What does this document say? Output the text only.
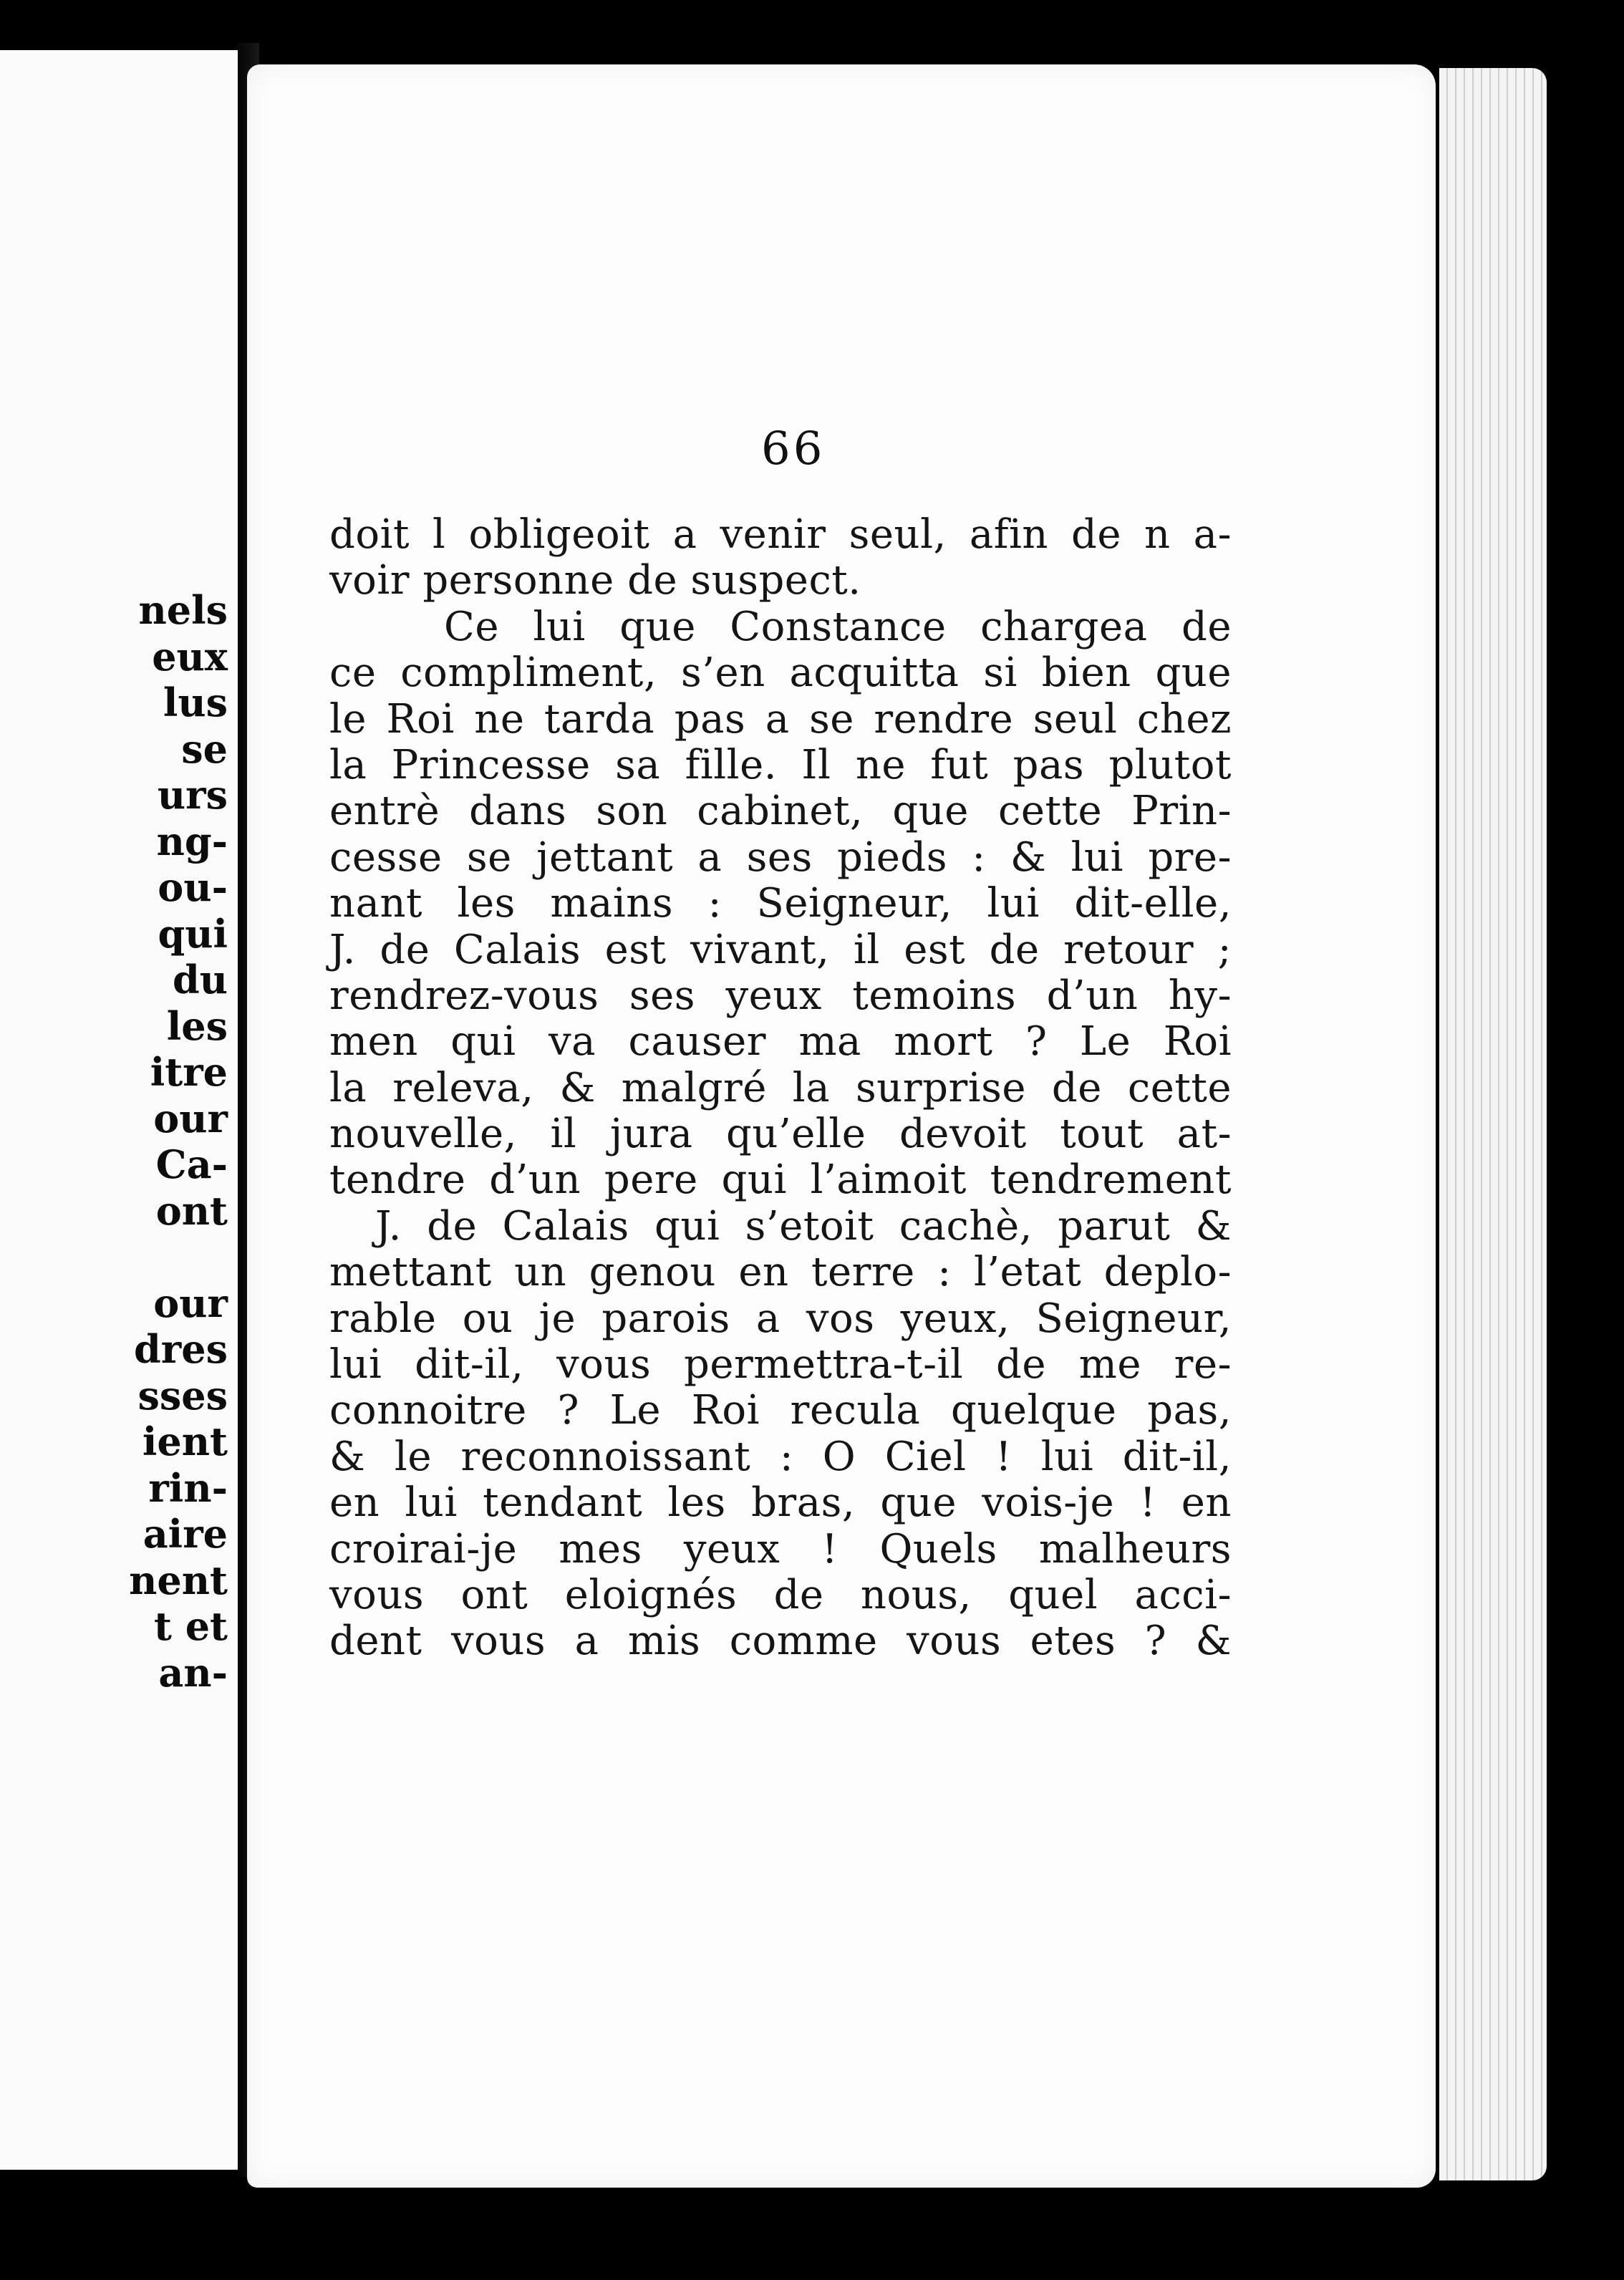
nels
eux
lus
se
urs
ng-
ou-
qui
du
les
itre
our
Ca-
ont
our
dres
sses
ient
rin-
aire
nent
t et
an-
66
doit l obligeoit a venir seul, afin de n a-
voir personne de suspect.
Ce lui que Constance chargea de
ce compliment, s’en acquitta si bien que
le Roi ne tarda pas a se rendre seul chez
la Princesse sa fille. Il ne fut pas plutot
entrè dans son cabinet, que cette Prin-
cesse se jettant a ses pieds : & lui pre-
nant les mains : Seigneur, lui dit-elle,
J. de Calais est vivant, il est de retour ;
rendrez-vous ses yeux temoins d’un hy-
men qui va causer ma mort ? Le Roi
la releva, & malgré la surprise de cette
nouvelle, il jura qu’elle devoit tout at-
tendre d’un pere qui l’aimoit tendrement
J. de Calais qui s’etoit cachè, parut &
mettant un genou en terre : l’etat deplo-
rable ou je parois a vos yeux, Seigneur,
lui dit-il, vous permettra-t-il de me re-
connoitre ? Le Roi recula quelque pas,
& le reconnoissant : O Ciel ! lui dit-il,
en lui tendant les bras, que vois-je ! en
croirai-je mes yeux ! Quels malheurs
vous ont eloignés de nous, quel acci-
dent vous a mis comme vous etes ? &
